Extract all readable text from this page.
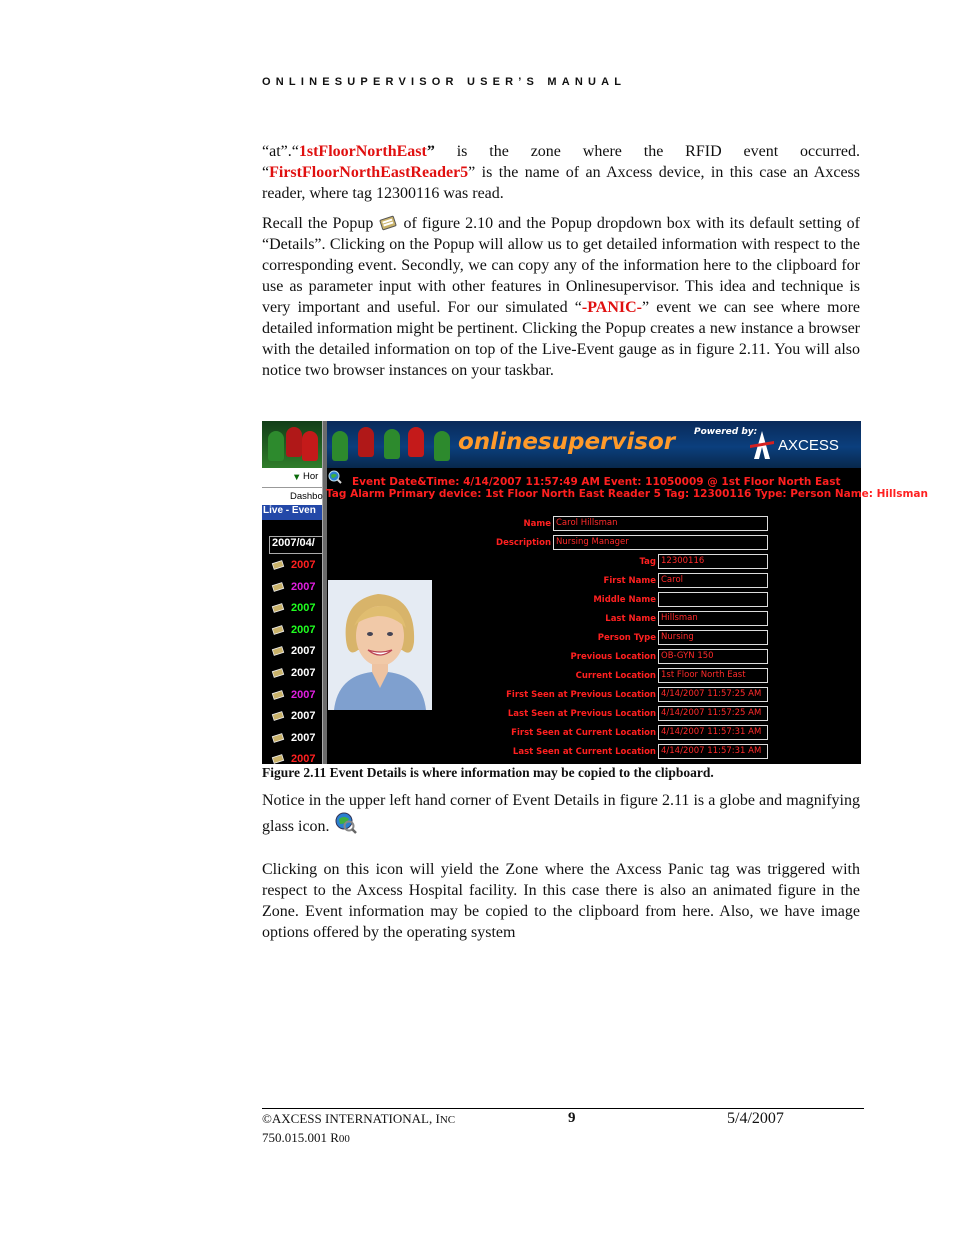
ONLINESUPERVISOR USER’S MANUAL

“at”.“1stFloorNorthEast” is the zone where the RFID event occurred. “FirstFloorNorthEastReader5” is the name of an Axcess device, in this case an Axcess reader, where tag 12300116 was read.

Recall the Popup  of figure 2.10 and the Popup dropdown box with its default setting of “Details”. Clicking on the Popup will allow us to get detailed information with respect to the corresponding event. Secondly, we can copy any of the information here to the clipboard for use as parameter input with other features in Onlinesupervisor. This idea and technique is very important and useful. For our simulated “-PANIC-” event we can see where more detailed information might be pertinent. Clicking the Popup creates a new instance a browser with the detailed information on top of the Live-Event gauge as in figure 2.11. You will also notice two browser instances on your taskbar.

onlinesupervisor Powered by:
AXCESS
▼ Hor
Dashbo
Live - Even
2007/04/
2007
2007
2007
2007
2007
2007
2007
2007
2007
2007
Event Date&Time: 4/14/2007 11:57:49 AM Event: 11050009 @ 1st Floor North East
Tag Alarm Primary device: 1st Floor North East Reader 5 Tag: 12300116 Type: Person Name: Hillsman
Name Carol Hillsman
Description Nursing Manager
Tag 12300116
First Name Carol
Middle Name
Last Name Hillsman
Person Type Nursing
Previous Location OB-GYN 150
Current Location 1st Floor North East
First Seen at Previous Location 4/14/2007 11:57:25 AM
Last Seen at Previous Location 4/14/2007 11:57:25 AM
First Seen at Current Location 4/14/2007 11:57:31 AM
Last Seen at Current Location 4/14/2007 11:57:31 AM
Figure 2.11 Event Details is where information may be copied to the clipboard.

Notice in the upper left hand corner of Event Details in figure 2.11 is a globe and magnifying glass icon.

Clicking on this icon will yield the Zone where the Axcess Panic tag was triggered with respect to the Axcess Hospital facility. In this case there is also an animated figure in the Zone. Event information may be copied to the clipboard from here. Also, we have image options offered by the operating system

©AXCESS INTERNATIONAL, INC
750.015.001 R00
9	5/4/2007
